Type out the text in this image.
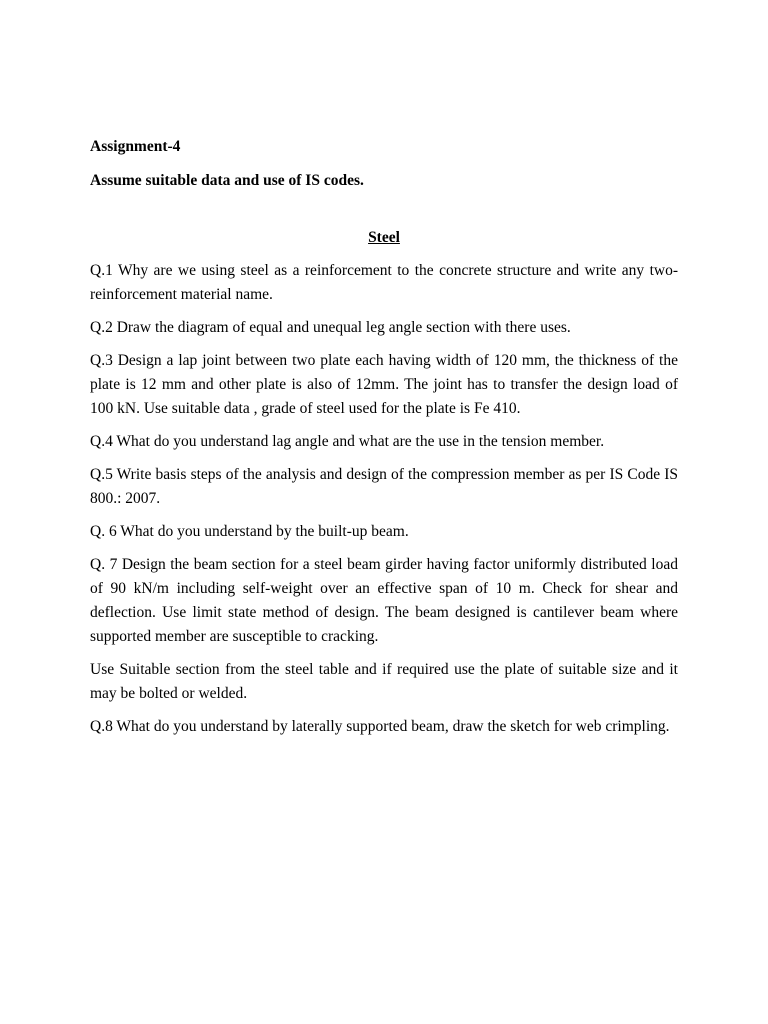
Assignment-4

Assume suitable data and use of IS codes.

Steel

Q.1 Why are we using steel as a reinforcement to the concrete structure and write any two-reinforcement material name.

Q.2 Draw the diagram of equal and unequal leg angle section with there uses.

Q.3 Design a lap joint between two plate each having width of 120 mm, the thickness of the plate is 12 mm and other plate is also of 12mm. The joint has to transfer the design load of 100 kN. Use suitable data , grade of steel used for the plate is Fe 410.

Q.4 What do you understand lag angle and what are the use in the tension member.

Q.5 Write basis steps of the analysis and design of the compression member as per IS Code IS 800.: 2007.

Q. 6 What do you understand by the built-up beam.

Q. 7 Design the beam section for a steel beam girder having factor uniformly distributed load of 90 kN/m including self-weight over an effective span of 10 m. Check for shear and deflection. Use limit state method of design. The beam designed is cantilever beam where supported member are susceptible to cracking.

Use Suitable section from the steel table and if required use the plate of suitable size and it may be bolted or welded.

Q.8 What do you understand by laterally supported beam, draw the sketch for web crimpling.
